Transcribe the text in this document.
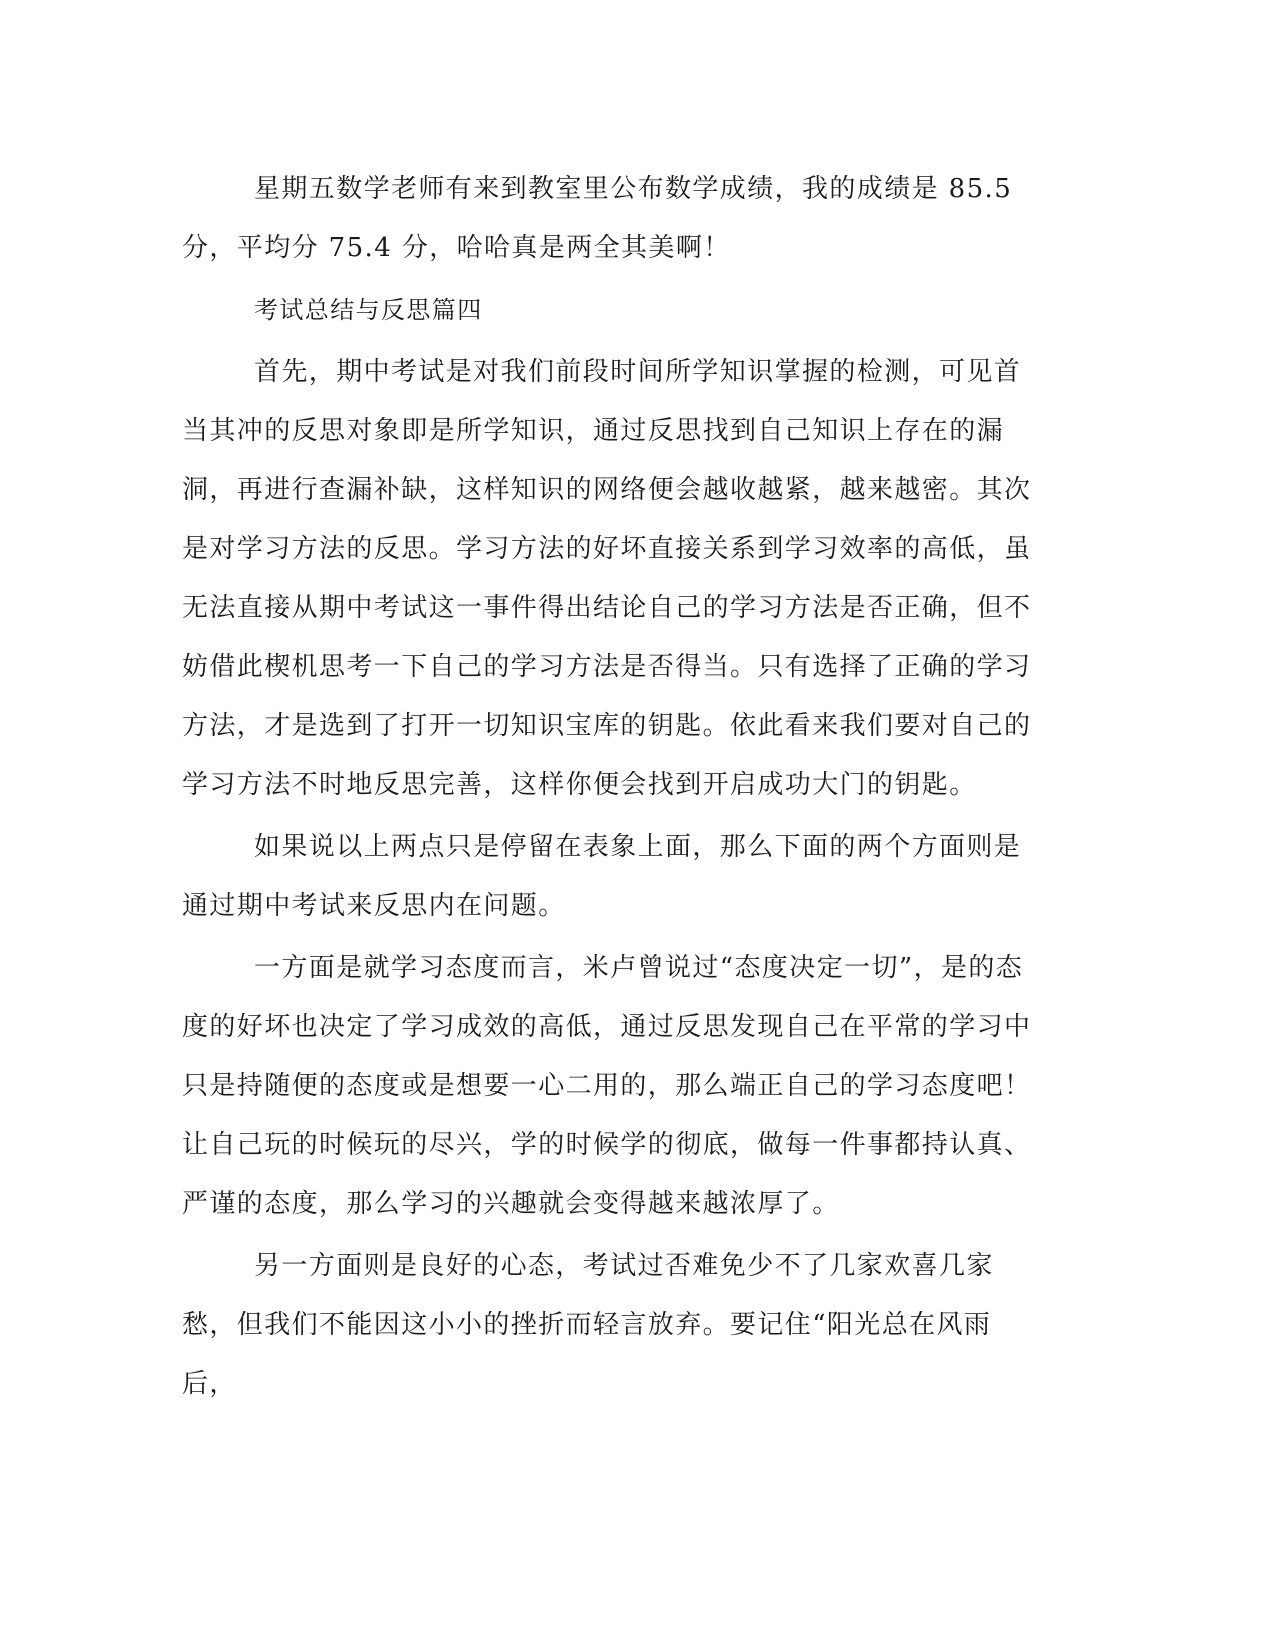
星期五数学老师有来到教室里公布数学成绩，我的成绩是 85.5 分，平均分 75.4 分，哈哈真是两全其美啊！

考试总结与反思篇四

首先，期中考试是对我们前段时间所学知识掌握的检测，可见首当其冲的反思对象即是所学知识，通过反思找到自己知识上存在的漏洞，再进行查漏补缺，这样知识的网络便会越收越紧，越来越密。其次是对学习方法的反思。学习方法的好坏直接关系到学习效率的高低，虽无法直接从期中考试这一事件得出结论自己的学习方法是否正确，但不妨借此楔机思考一下自己的学习方法是否得当。只有选择了正确的学习方法，才是选到了打开一切知识宝库的钥匙。依此看来我们要对自己的学习方法不时地反思完善，这样你便会找到开启成功大门的钥匙。

如果说以上两点只是停留在表象上面，那么下面的两个方面则是通过期中考试来反思内在问题。

一方面是就学习态度而言，米卢曾说过“态度决定一切”，是的态度的好坏也决定了学习成效的高低，通过反思发现自己在平常的学习中只是持随便的态度或是想要一心二用的，那么端正自己的学习态度吧！让自己玩的时候玩的尽兴，学的时候学的彻底，做每一件事都持认真、严谨的态度，那么学习的兴趣就会变得越来越浓厚了。

另一方面则是良好的心态，考试过否难免少不了几家欢喜几家愁，但我们不能因这小小的挫折而轻言放弃。要记住“阳光总在风雨后，
